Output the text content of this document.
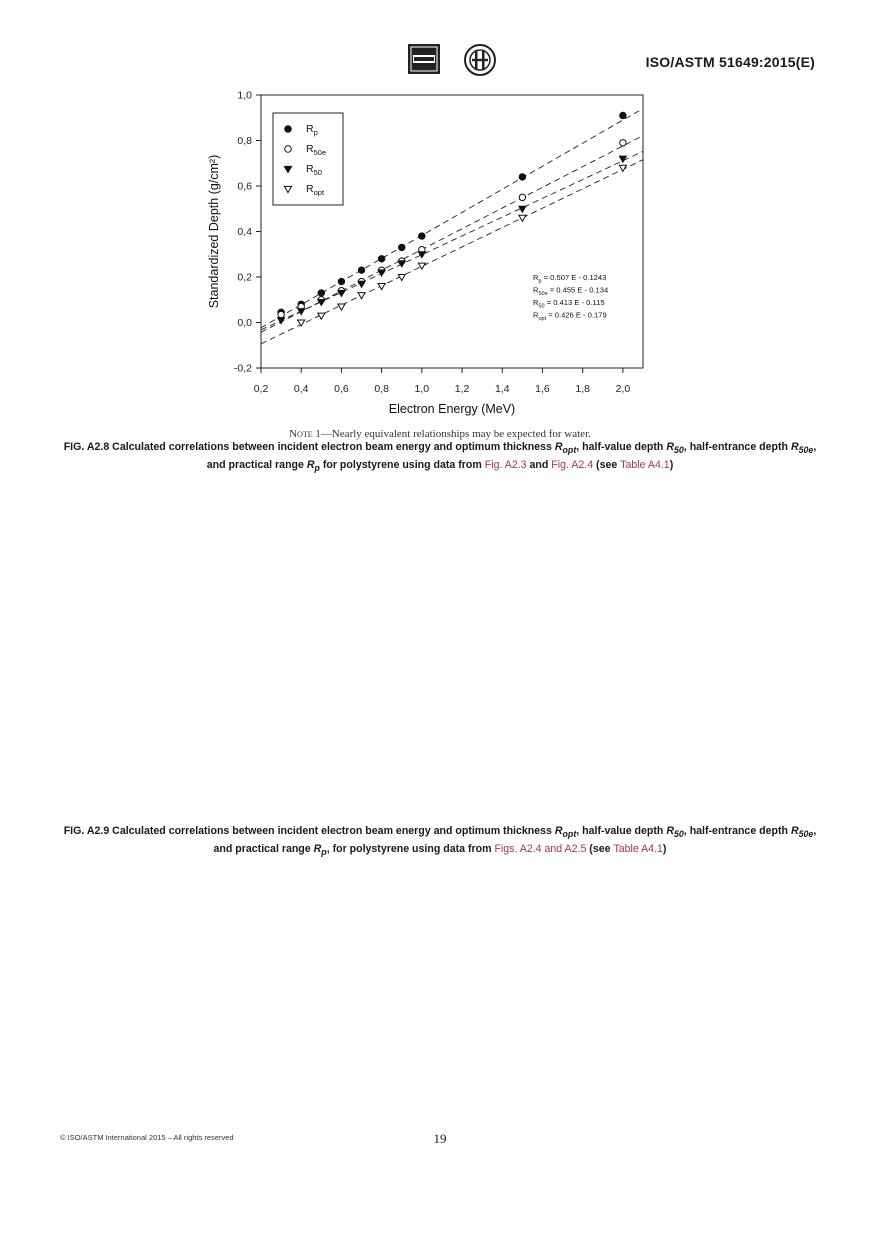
ISO/ASTM 51649:2015(E)
0,2 0,4 0,6 0,8 1,0 1,2 1,4 1,6 1,8 2,0
-0,2
0,0
0,2
0,4
0,6
0,8
1,0
Electron Energy (MeV)
Standardized Depth (g/cm²)
$R_p$
$R_{50e}$
$R_{50}$
$R_{opt}$
$R_p = 0.507$ E - 0.1243
$R_{50e} = 0.455$ E - 0.134
$R_{50} = 0.413$ E - 0.115
$R_{opt} = 0.426$ E - 0.179
Note 1—Nearly equivalent relationships may be expected for water.
FIG. A2.8 Calculated correlations between incident electron beam energy and optimum thickness $R_{opt}$, half-value depth $R_{50}$, half-entrance depth $R_{50e}$, and practical range $R_p$ for polystyrene using data from Fig. A2.3 and Fig. A2.4 (see Table A4.1)
FIG. A2.9 Calculated correlations between incident electron beam energy and optimum thickness $R_{opt}$, half-value depth $R_{50}$, half-entrance depth $R_{50e}$, and practical range $R_p$, for polystyrene using data from Figs. A2.4 and A2.5 (see Table A4.1)
© ISO/ASTM International 2015 – All rights reserved	19
